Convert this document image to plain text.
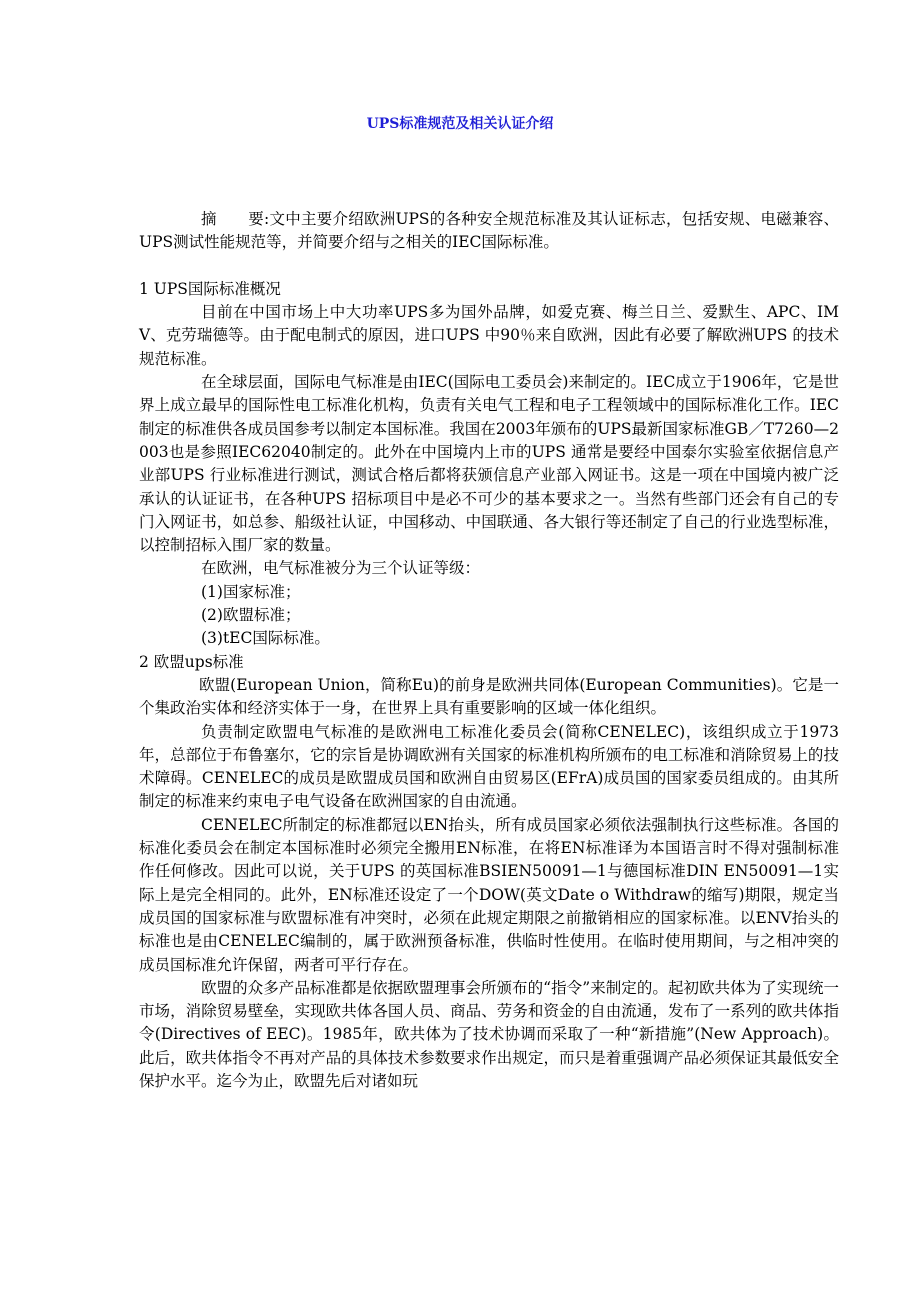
UPS标准规范及相关认证介绍

摘　　要:文中主要介绍欧洲UPS的各种安全规范标准及其认证标志，包括安规、电磁兼容、UPS测试性能规范等，并简要介绍与之相关的IEC国际标准。

1 UPS国际标准概况

目前在中国市场上中大功率UPS多为国外品牌，如爱克赛、梅兰日兰、爱默生、APC、IMV、克劳瑞德等。由于配电制式的原因，进口UPS 中90％来自欧洲，因此有必要了解欧洲UPS 的技术规范标准。

在全球层面，国际电气标准是由IEC(国际电工委员会)来制定的。IEC成立于1906年，它是世界上成立最早的国际性电工标准化机构，负责有关电气工程和电子工程领域中的国际标准化工作。IEC制定的标准供各成员国参考以制定本国标准。我国在2003年颁布的UPS最新国家标准GB／T7260—2003也是参照IEC62040制定的。此外在中国境内上市的UPS 通常是要经中国泰尔实验室依据信息产业部UPS 行业标准进行测试，测试合格后都将获颁信息产业部入网证书。这是一项在中国境内被广泛承认的认证证书，在各种UPS 招标项目中是必不可少的基本要求之一。当然有些部门还会有自己的专门入网证书，如总参、船级社认证，中国移动、中国联通、各大银行等还制定了自己的行业选型标准，以控制招标入围厂家的数量。

在欧洲，电气标准被分为三个认证等级：

(1)国家标准；

(2)欧盟标准；

(3)tEC国际标准。

2 欧盟ups标准

欧盟(European Union，简称Eu)的前身是欧洲共同体(European Communities)。它是一个集政治实体和经济实体于一身，在世界上具有重要影响的区域一体化组织。

负责制定欧盟电气标准的是欧洲电工标准化委员会(简称CENELEC)，该组织成立于1973年，总部位于布鲁塞尔，它的宗旨是协调欧洲有关国家的标准机构所颁布的电工标准和消除贸易上的技术障碍。CENELEC的成员是欧盟成员国和欧洲自由贸易区(EFrA)成员国的国家委员组成的。由其所制定的标准来约束电子电气设备在欧洲国家的自由流通。

CENELEC所制定的标准都冠以EN抬头，所有成员国家必须依法强制执行这些标准。各国的标准化委员会在制定本国标准时必须完全搬用EN标准，在将EN标准译为本国语言时不得对强制标准作任何修改。因此可以说，关于UPS 的英国标准BSIEN50091—1与德国标准DIN EN50091—1实际上是完全相同的。此外，EN标准还设定了一个DOW(英文Date o Withdraw的缩写)期限，规定当成员国的国家标准与欧盟标准有冲突时，必须在此规定期限之前撤销相应的国家标准。以ENV抬头的标准也是由CENELEC编制的，属于欧洲预备标准，供临时性使用。在临时使用期间，与之相冲突的成员国标准允许保留，两者可平行存在。

欧盟的众多产品标准都是依据欧盟理事会所颁布的“指令”来制定的。起初欧共体为了实现统一市场，消除贸易壁垒，实现欧共体各国人员、商品、劳务和资金的自由流通，发布了一系列的欧共体指令(Directives of EEC)。1985年，欧共体为了技术协调而采取了一种“新措施”(New Approach)。此后，欧共体指令不再对产品的具体技术参数要求作出规定，而只是着重强调产品必须保证其最低安全保护水平。迄今为止，欧盟先后对诸如玩
